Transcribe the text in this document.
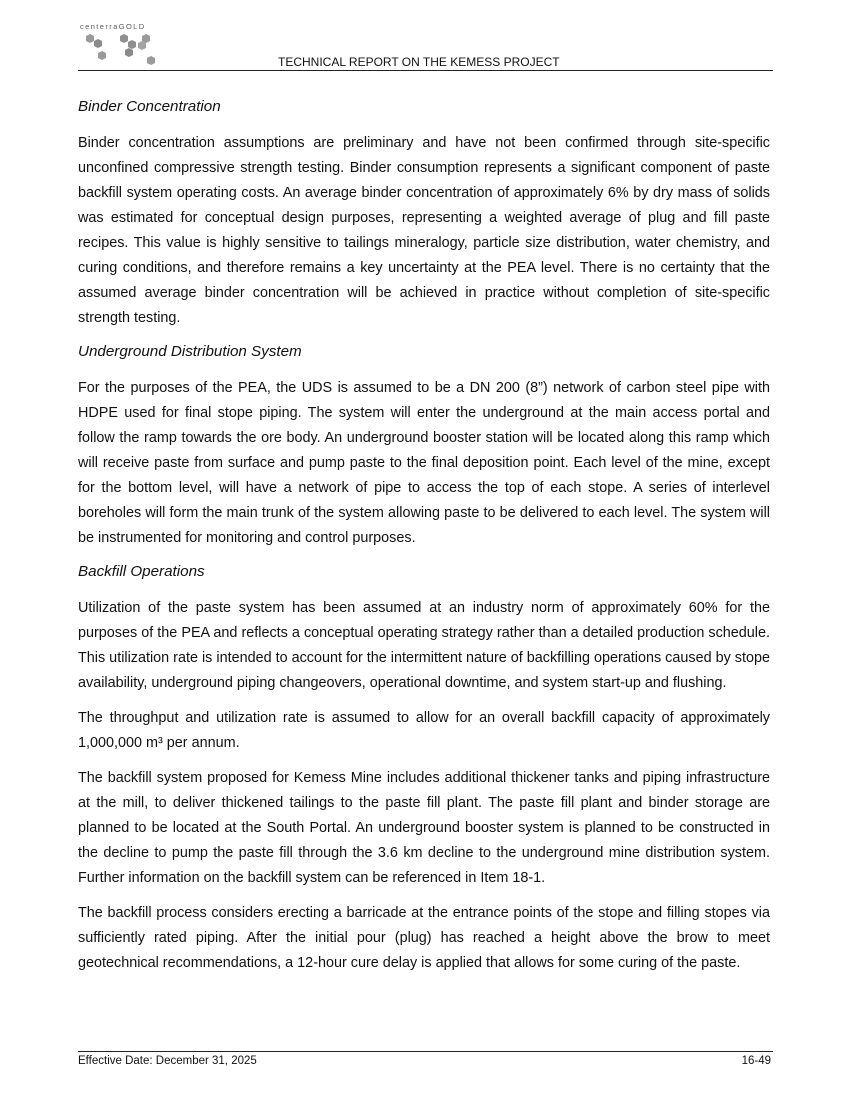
centerraGOLD
TECHNICAL REPORT ON THE KEMESS PROJECT
Binder Concentration

Binder concentration assumptions are preliminary and have not been confirmed through site-specific unconfined compressive strength testing. Binder consumption represents a significant component of paste backfill system operating costs. An average binder concentration of approximately 6% by dry mass of solids was estimated for conceptual design purposes, representing a weighted average of plug and fill paste recipes. This value is highly sensitive to tailings mineralogy, particle size distribution, water chemistry, and curing conditions, and therefore remains a key uncertainty at the PEA level. There is no certainty that the assumed average binder concentration will be achieved in practice without completion of site-specific strength testing.

Underground Distribution System

For the purposes of the PEA, the UDS is assumed to be a DN 200 (8”) network of carbon steel pipe with HDPE used for final stope piping. The system will enter the underground at the main access portal and follow the ramp towards the ore body. An underground booster station will be located along this ramp which will receive paste from surface and pump paste to the final deposition point. Each level of the mine, except for the bottom level, will have a network of pipe to access the top of each stope. A series of interlevel boreholes will form the main trunk of the system allowing paste to be delivered to each level. The system will be instrumented for monitoring and control purposes.

Backfill Operations

Utilization of the paste system has been assumed at an industry norm of approximately 60% for the purposes of the PEA and reflects a conceptual operating strategy rather than a detailed production schedule. This utilization rate is intended to account for the intermittent nature of backfilling operations caused by stope availability, underground piping changeovers, operational downtime, and system start-up and flushing.

The throughput and utilization rate is assumed to allow for an overall backfill capacity of approximately 1,000,000 m³ per annum.

The backfill system proposed for Kemess Mine includes additional thickener tanks and piping infrastructure at the mill, to deliver thickened tailings to the paste fill plant. The paste fill plant and binder storage are planned to be located at the South Portal. An underground booster system is planned to be constructed in the decline to pump the paste fill through the 3.6 km decline to the underground mine distribution system. Further information on the backfill system can be referenced in Item 18-1.

The backfill process considers erecting a barricade at the entrance points of the stope and filling stopes via sufficiently rated piping. After the initial pour (plug) has reached a height above the brow to meet geotechnical recommendations, a 12-hour cure delay is applied that allows for some curing of the paste.

Effective Date: December 31, 2025	16-49
